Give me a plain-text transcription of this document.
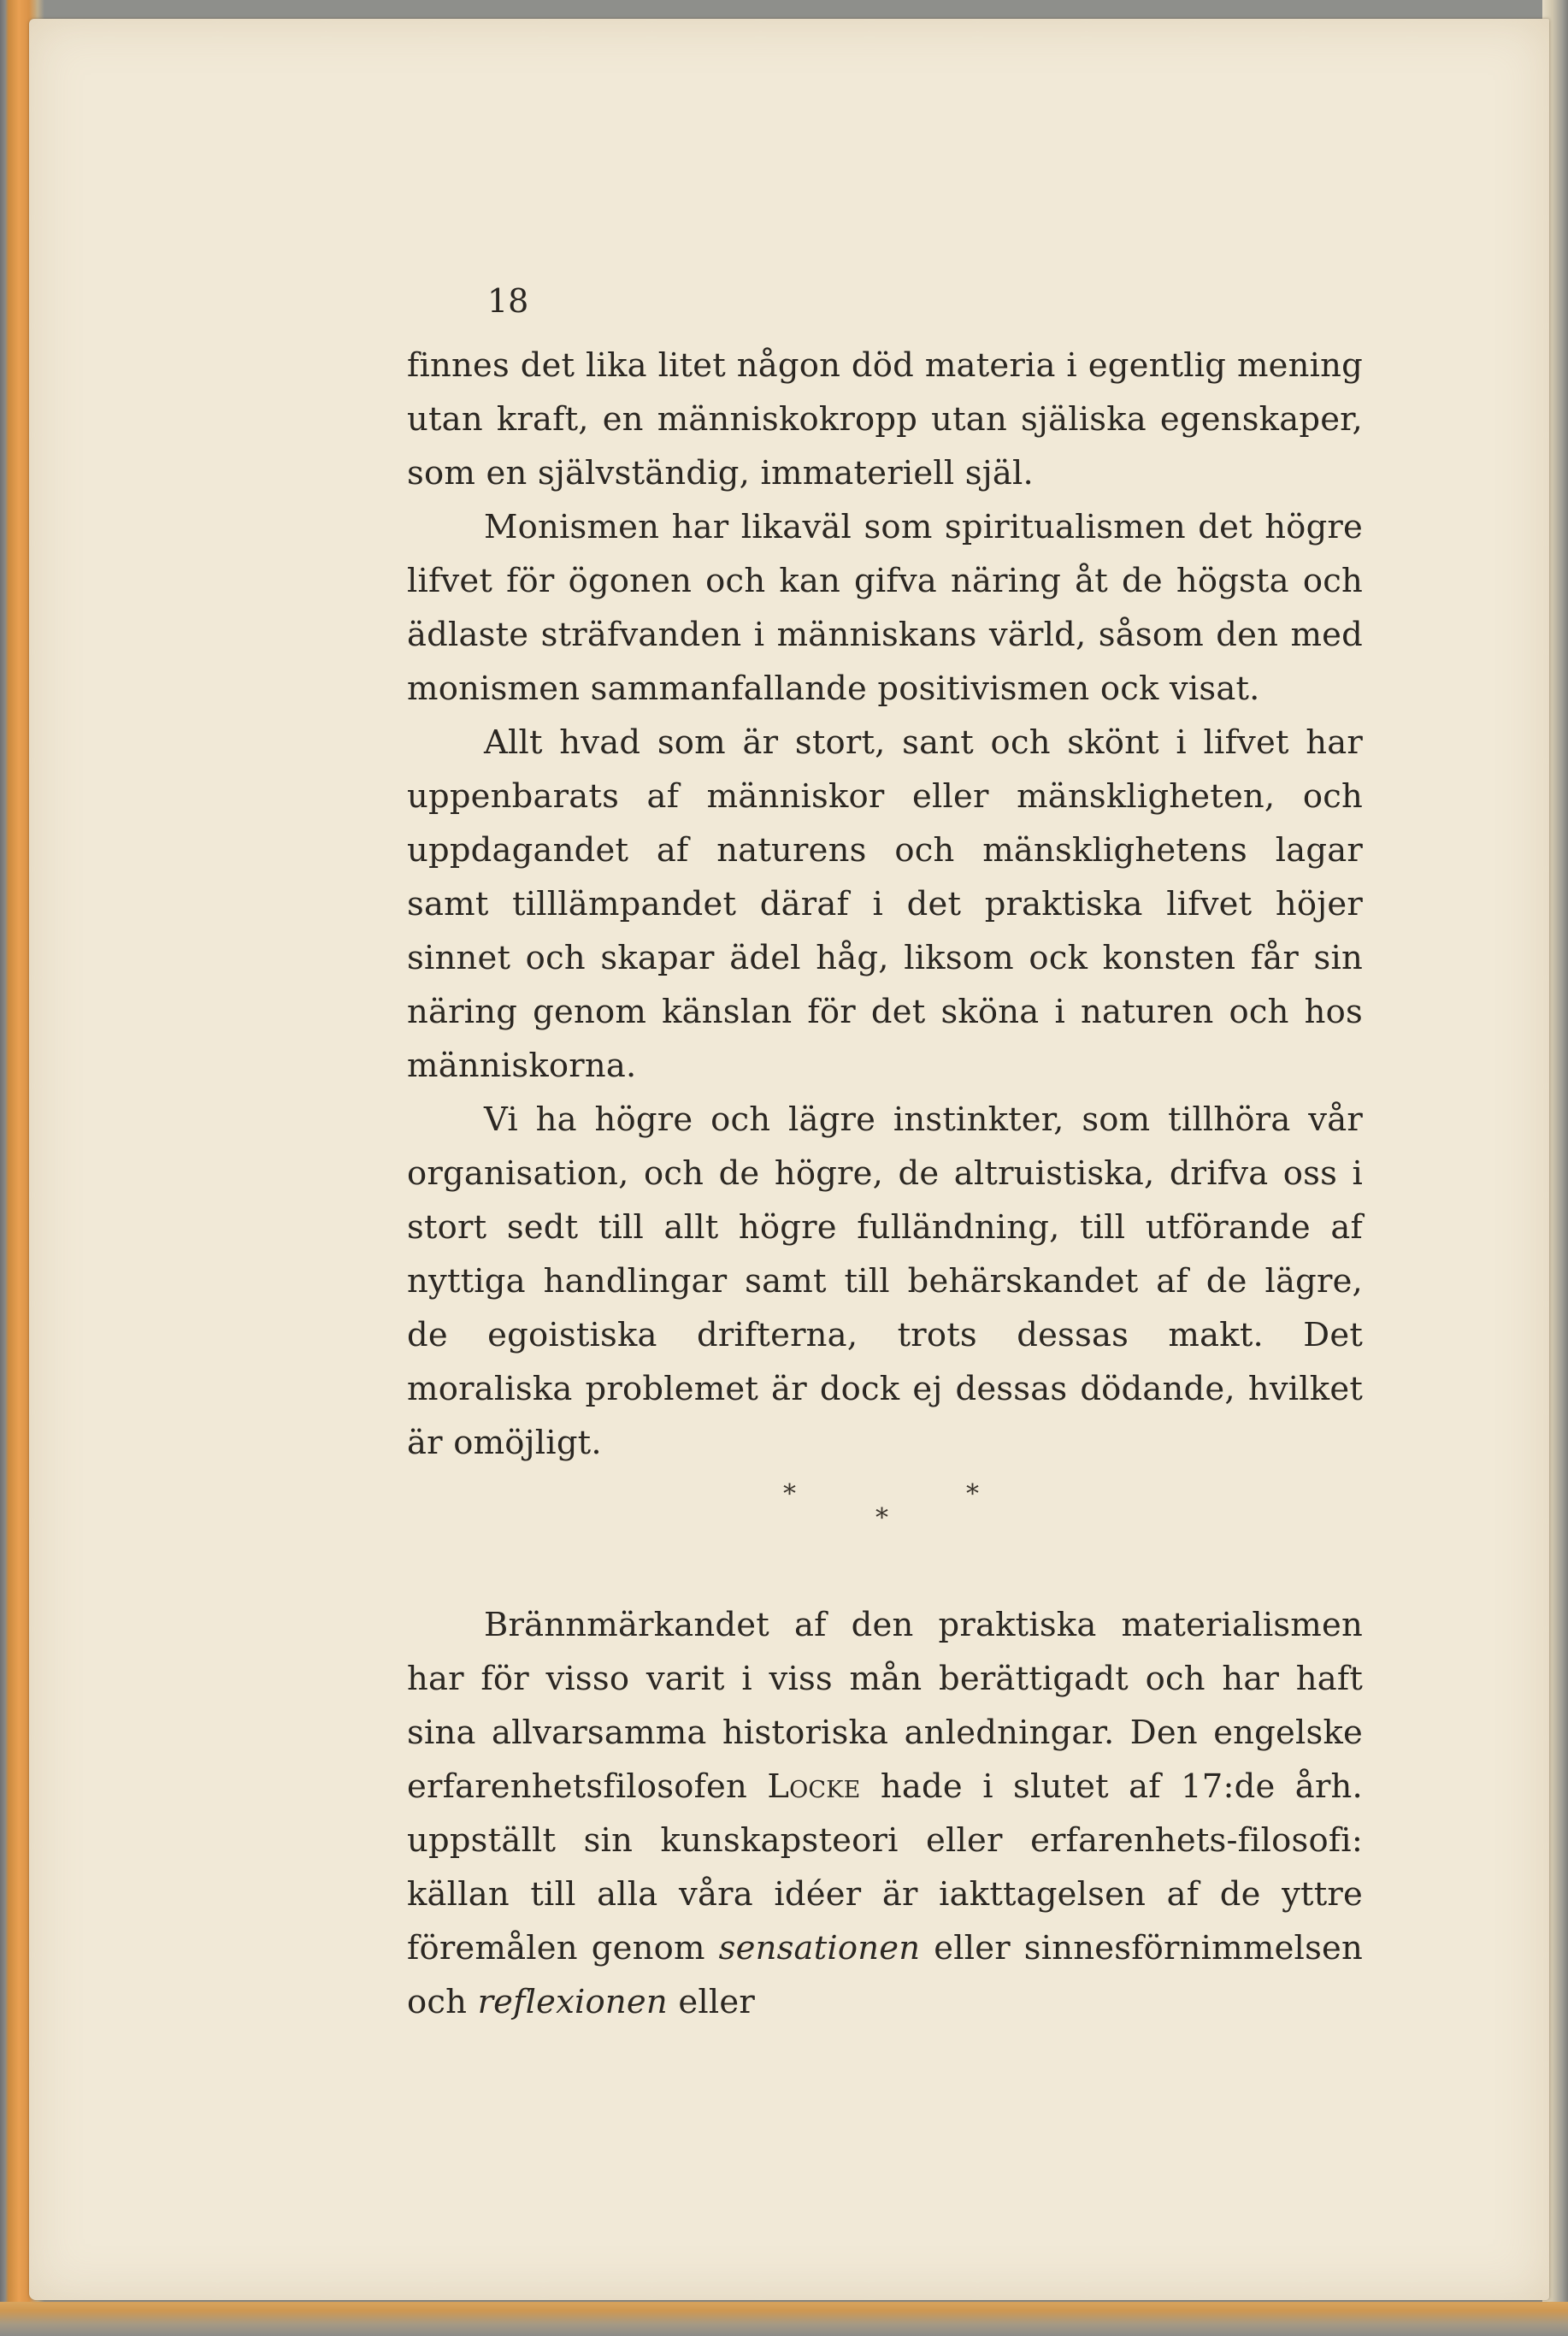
18

finnes det lika litet någon död materia i egentlig mening utan kraft, en människokropp utan själiska egenskaper, som en självständig, immateriell själ.

Monismen har likaväl som spiritualismen det högre lifvet för ögonen och kan gifva näring åt de högsta och ädlaste sträfvanden i människans värld, såsom den med monismen sammanfallande positivismen ock visat.

Allt hvad som är stort, sant och skönt i lifvet har uppenbarats af människor eller mänskligheten, och uppdagandet af naturens och mänsklighetens lagar samt tilllämpandet däraf i det praktiska lifvet höjer sinnet och skapar ädel håg, liksom ock konsten får sin näring genom känslan för det sköna i naturen och hos människorna.

Vi ha högre och lägre instinkter, som tillhöra vår organisation, och de högre, de altruistiska, drifva oss i stort sedt till allt högre fulländning, till utförande af nyttiga handlingar samt till behärskandet af de lägre, de egoistiska drifterna, trots dessas makt. Det moraliska problemet är dock ej dessas dödande, hvilket är omöjligt.

*	*
*

Brännmärkandet af den praktiska materialismen har för visso varit i viss mån berättigadt och har haft sina allvarsamma historiska anledningar. Den engelske erfarenhetsfilosofen Locke hade i slutet af 17:de årh. uppställt sin kunskapsteori eller erfarenhets-filosofi: källan till alla våra idéer är iakttagelsen af de yttre föremålen genom sensationen eller sinnesförnimmelsen och reflexionen eller
